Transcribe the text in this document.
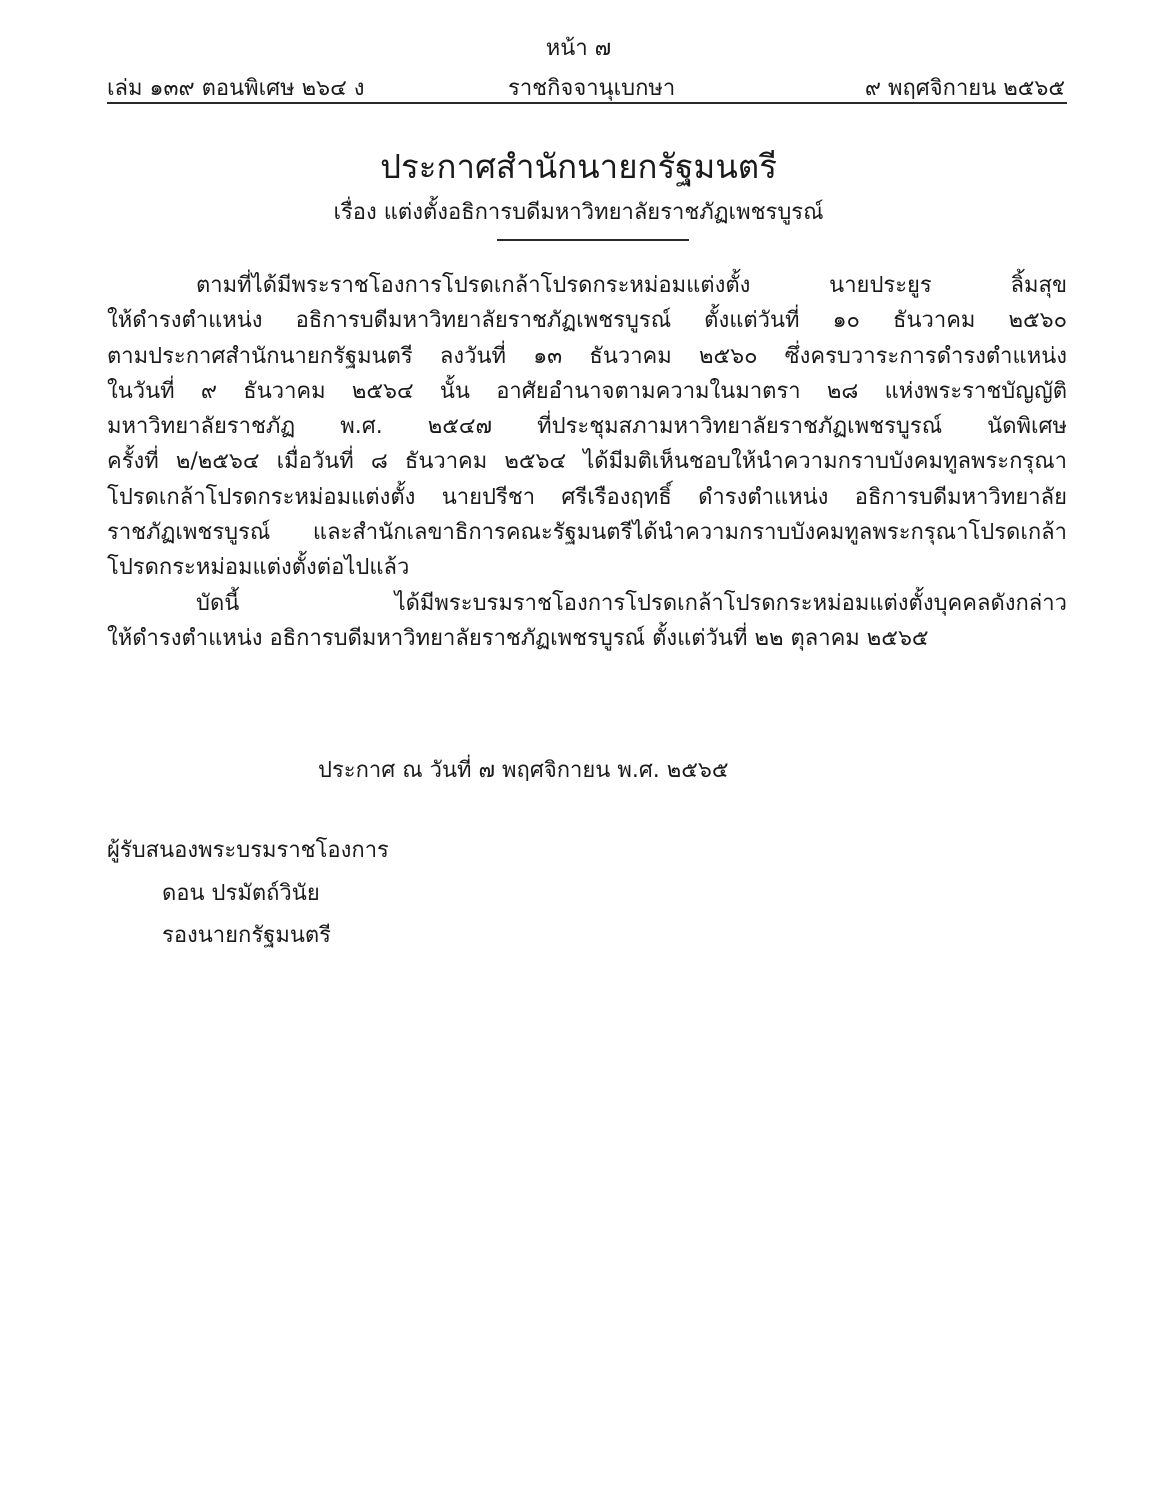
หน้า ๗
เล่ม ๑๓๙ ตอนพิเศษ ๒๖๔ ง	ราชกิจจานุเบกษา	๙ พฤศจิกายน ๒๕๖๕
ประกาศสำนักนายกรัฐมนตรี
เรื่อง แต่งตั้งอธิการบดีมหาวิทยาลัยราชภัฏเพชรบูรณ์
ตามที่ได้มีพระราชโองการโปรดเกล้าโปรดกระหม่อมแต่งตั้ง นายประยูร ลิ้มสุข
ให้ดำรงตำแหน่ง อธิการบดีมหาวิทยาลัยราชภัฏเพชรบูรณ์ ตั้งแต่วันที่ ๑๐ ธันวาคม ๒๕๖๐
ตามประกาศสำนักนายกรัฐมนตรี ลงวันที่ ๑๓ ธันวาคม ๒๕๖๐ ซึ่งครบวาระการดำรงตำแหน่ง
ในวันที่ ๙ ธันวาคม ๒๕๖๔ นั้น อาศัยอำนาจตามความในมาตรา ๒๘ แห่งพระราชบัญญัติ
มหาวิทยาลัยราชภัฏ พ.ศ. ๒๕๔๗ ที่ประชุมสภามหาวิทยาลัยราชภัฏเพชรบูรณ์ นัดพิเศษ
ครั้งที่ ๒/๒๕๖๔ เมื่อวันที่ ๘ ธันวาคม ๒๕๖๔ ได้มีมติเห็นชอบให้นำความกราบบังคมทูลพระกรุณา
โปรดเกล้าโปรดกระหม่อมแต่งตั้ง นายปรีชา ศรีเรืองฤทธิ์ ดำรงตำแหน่ง อธิการบดีมหาวิทยาลัย
ราชภัฏเพชรบูรณ์ และสำนักเลขาธิการคณะรัฐมนตรีได้นำความกราบบังคมทูลพระกรุณาโปรดเกล้า
โปรดกระหม่อมแต่งตั้งต่อไปแล้ว
บัดนี้ ได้มีพระบรมราชโองการโปรดเกล้าโปรดกระหม่อมแต่งตั้งบุคคลดังกล่าว
ให้ดำรงตำแหน่ง อธิการบดีมหาวิทยาลัยราชภัฏเพชรบูรณ์ ตั้งแต่วันที่ ๒๒ ตุลาคม ๒๕๖๕
ประกาศ ณ วันที่ ๗ พฤศจิกายน พ.ศ. ๒๕๖๕
ผู้รับสนองพระบรมราชโองการ
ดอน ปรมัตถ์วินัย
รองนายกรัฐมนตรี
